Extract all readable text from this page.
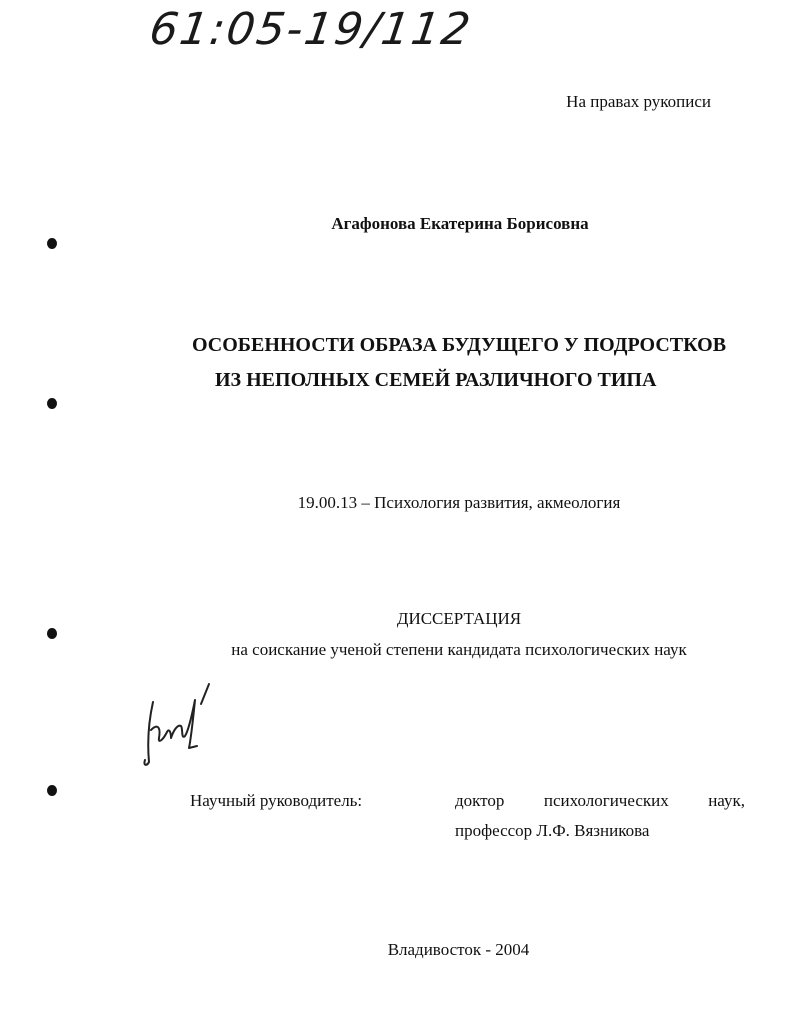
61:05-19/112
На правах рукописи
Агафонова Екатерина Борисовна
ОСОБЕННОСТИ ОБРАЗА БУДУЩЕГО У ПОДРОСТКОВ
ИЗ НЕПОЛНЫХ СЕМЕЙ РАЗЛИЧНОГО ТИПА
19.00.13 – Психология развития, акмеология
ДИССЕРТАЦИЯ
на соискание ученой степени кандидата психологических наук
Научный руководитель:	доктор психологических наук,
профессор Л.Ф. Вязникова
Владивосток - 2004
